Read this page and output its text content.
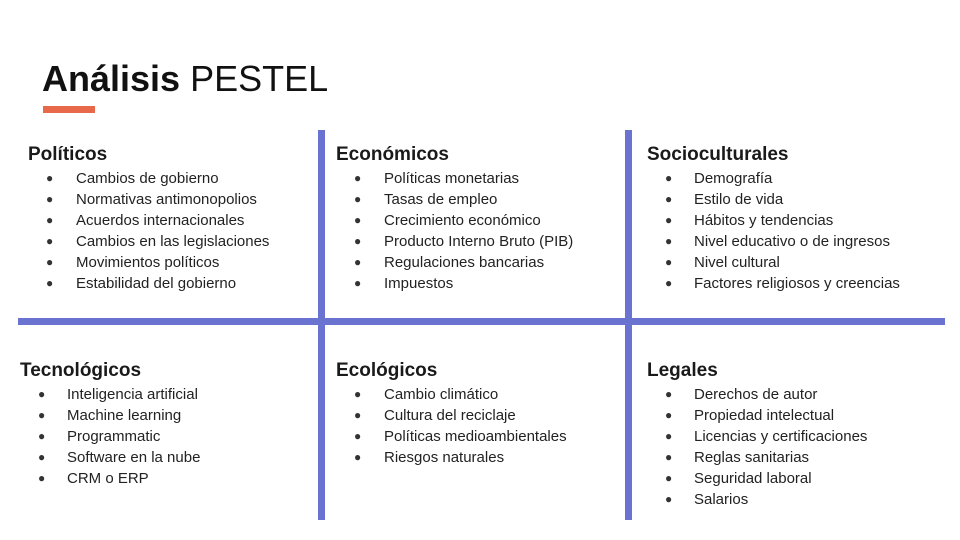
Análisis PESTEL
Políticos
● Cambios de gobierno
● Normativas antimonopolios
● Acuerdos internacionales
● Cambios en las legislaciones
● Movimientos políticos
● Estabilidad del gobierno
Económicos
● Políticas monetarias
● Tasas de empleo
● Crecimiento económico
● Producto Interno Bruto (PIB)
● Regulaciones bancarias
● Impuestos
Socioculturales
● Demografía
● Estilo de vida
● Hábitos y tendencias
● Nivel educativo o de ingresos
● Nivel cultural
● Factores religiosos y creencias
Tecnológicos
● Inteligencia artificial
● Machine learning
● Programmatic
● Software en la nube
● CRM o ERP
Ecológicos
● Cambio climático
● Cultura del reciclaje
● Políticas medioambientales
● Riesgos naturales
Legales
● Derechos de autor
● Propiedad intelectual
● Licencias y certificaciones
● Reglas sanitarias
● Seguridad laboral
● Salarios
